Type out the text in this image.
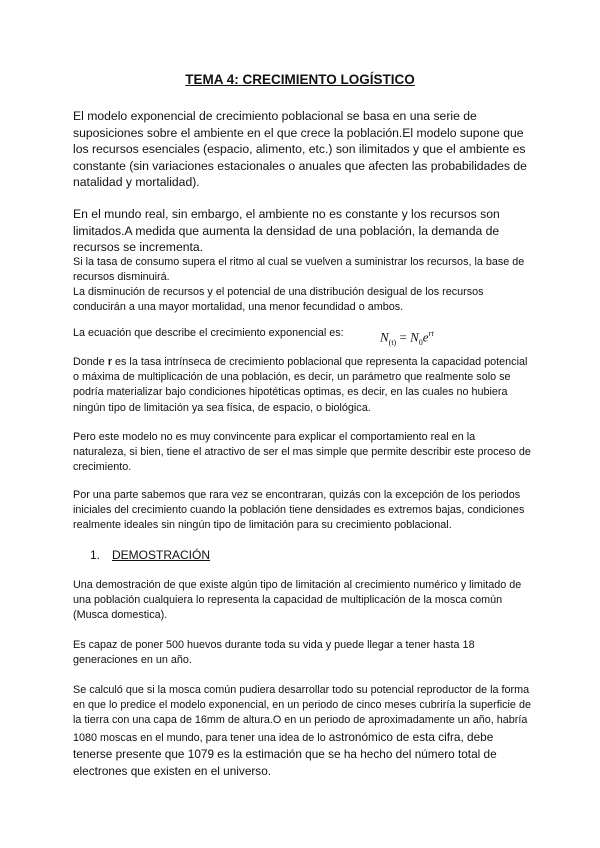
TEMA 4: CRECIMIENTO LOGÍSTICO

El modelo exponencial de crecimiento poblacional se basa en una serie de suposiciones sobre el ambiente en el que crece la población.El modelo supone que los recursos esenciales (espacio, alimento, etc.) son ilimitados y que el ambiente es constante (sin variaciones estacionales o anuales que afecten las probabilidades de natalidad y mortalidad).

En el mundo real, sin embargo, el ambiente no es constante y los recursos son limitados.A medida que aumenta la densidad de una población, la demanda de recursos se incrementa.

Si la tasa de consumo supera el ritmo al cual se vuelven a suministrar los recursos, la base de recursos disminuirá.

La disminución de recursos y el potencial de una distribución desigual de los recursos conducirán a una mayor mortalidad, una menor fecundidad o ambos.

La ecuación que describe el crecimiento exponencial es:	$N_{(t)} = N_0e^{rt}$

Donde r es la tasa intrínseca de crecimiento poblacional que representa la capacidad potencial o máxima de multiplicación de una población, es decir, un parámetro que realmente solo se podría materializar bajo condiciones hipotéticas optimas, es decir, en las cuales no hubiera ningún tipo de limitación ya sea física, de espacio, o biológica.

Pero este modelo no es muy convincente para explicar el comportamiento real en la naturaleza, si bien, tiene el atractivo de ser el mas simple que permite describir este proceso de crecimiento.

Por una parte sabemos que rara vez se encontraran, quizás con la excepción de los periodos iniciales del crecimiento cuando la población tiene densidades es extremos bajas, condiciones realmente ideales sin ningún tipo de limitación para su crecimiento poblacional.

1. DEMOSTRACIÓN

Una demostración de que existe algún tipo de limitación al crecimiento numérico y limitado de una población cualquiera lo representa la capacidad de multiplicación de la mosca común (Musca domestica).

Es capaz de poner 500 huevos durante toda su vida y puede llegar a tener hasta 18 generaciones en un año.

Se calculó que si la mosca común pudiera desarrollar todo su potencial reproductor de la forma en que lo predice el modelo exponencial, en un periodo de cinco meses cubriría la superficie de la tierra con una capa de 16mm de altura.O en un periodo de aproximadamente un año, habría 1080 moscas en el mundo, para tener una idea de lo astronómico de esta cifra, debe tenerse presente que 1079 es la estimación que se ha hecho del número total de electrones que existen en el universo.
